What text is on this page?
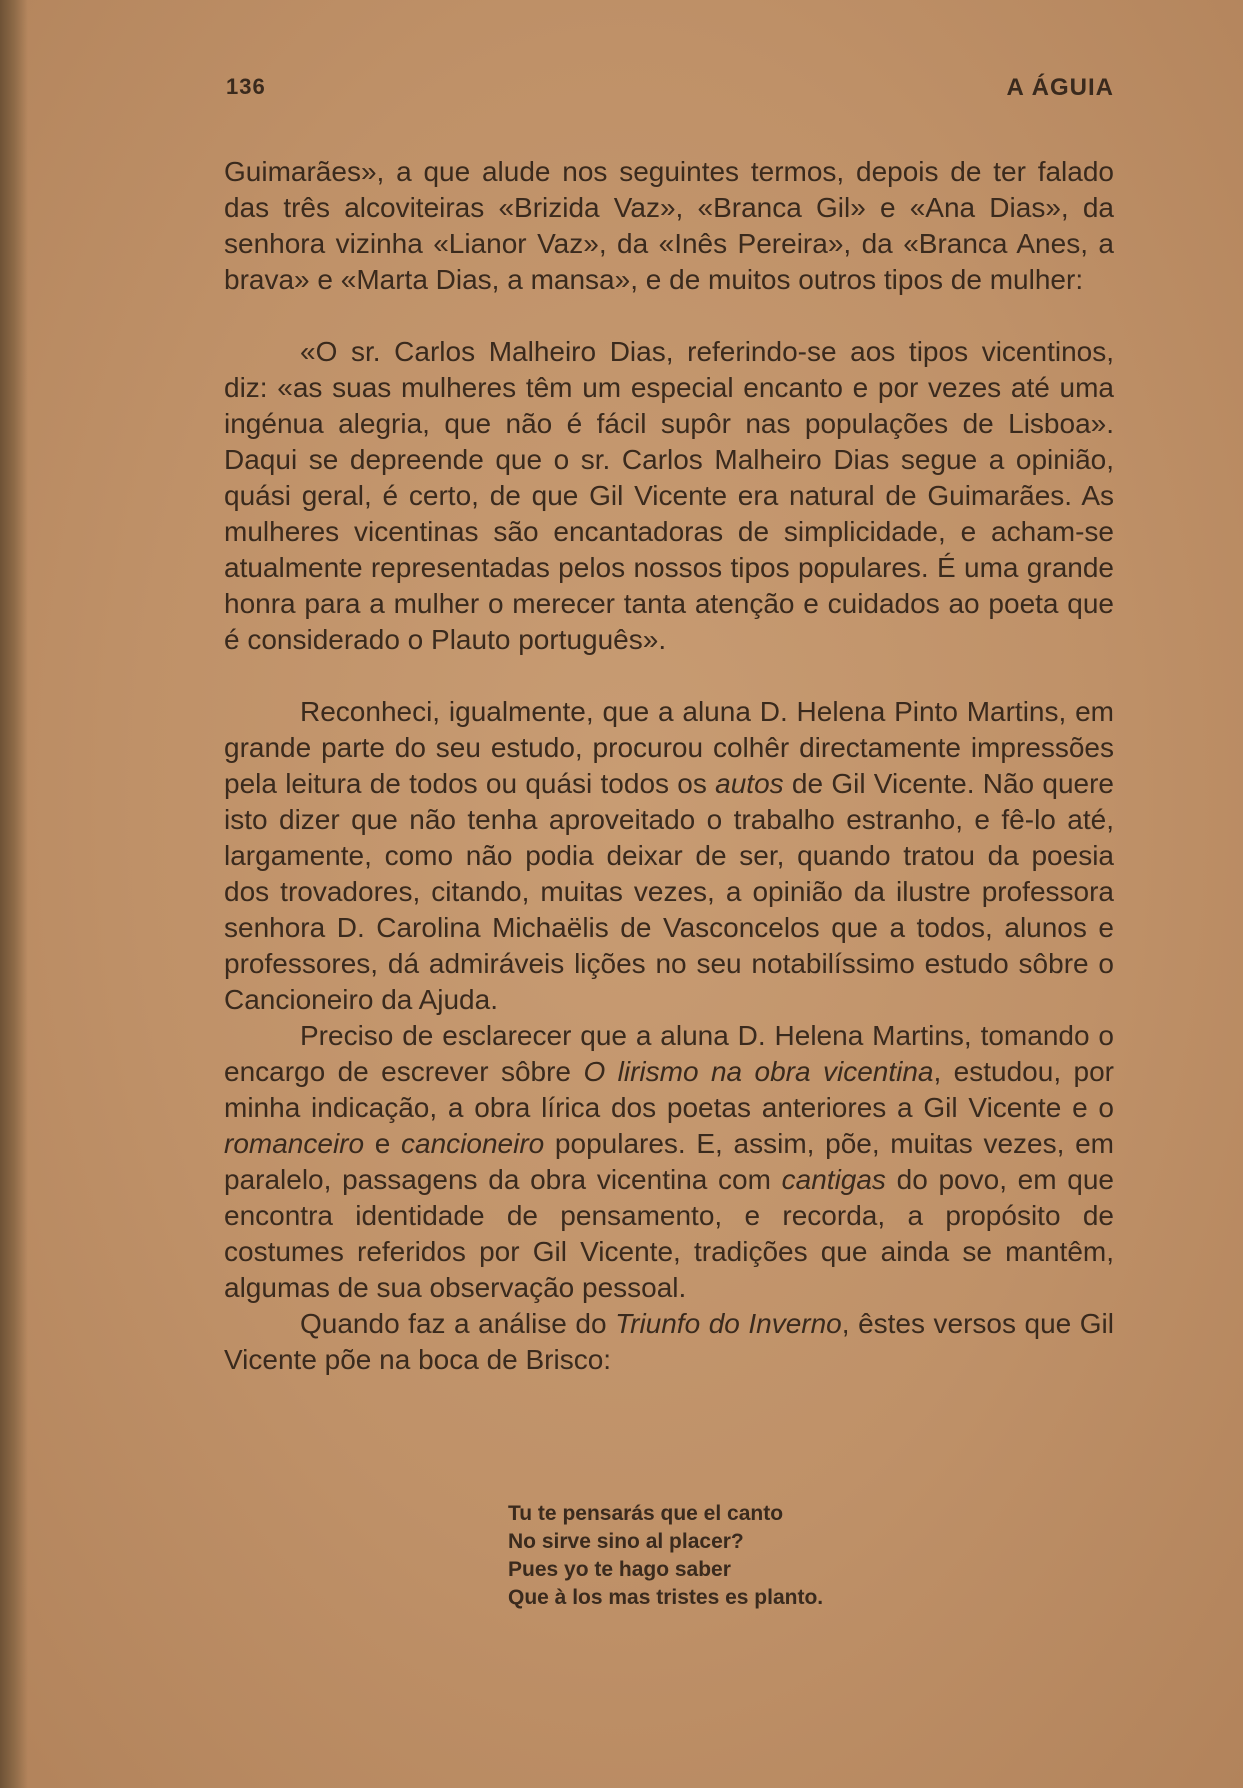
136	A ÁGUIA

Guimarães», a que alude nos seguintes termos, depois de ter falado das três alcoviteiras «Brizida Vaz», «Branca Gil» e «Ana Dias», da senhora vizinha «Lianor Vaz», da «Inês Pereira», da «Branca Anes, a brava» e «Marta Dias, a mansa», e de muitos outros tipos de mulher:

«O sr. Carlos Malheiro Dias, referindo-se aos tipos vicentinos, diz: «as suas mulheres têm um especial encanto e por vezes até uma ingénua alegria, que não é fácil supôr nas populações de Lisboa». Daqui se depreende que o sr. Carlos Malheiro Dias segue a opinião, quási geral, é certo, de que Gil Vicente era natural de Guimarães. As mulheres vicentinas são encantadoras de simplicidade, e acham-se atualmente representadas pelos nossos tipos populares. É uma grande honra para a mulher o merecer tanta atenção e cuidados ao poeta que é considerado o Plauto português».

Reconheci, igualmente, que a aluna D. Helena Pinto Martins, em grande parte do seu estudo, procurou colhêr directamente impressões pela leitura de todos ou quási todos os autos de Gil Vicente. Não quere isto dizer que não tenha aproveitado o trabalho estranho, e fê-lo até, largamente, como não podia deixar de ser, quando tratou da poesia dos trovadores, citando, muitas vezes, a opinião da ilustre professora senhora D. Carolina Michaëlis de Vasconcelos que a todos, alunos e professores, dá admiráveis lições no seu notabilíssimo estudo sôbre o Cancioneiro da Ajuda.

Preciso de esclarecer que a aluna D. Helena Martins, tomando o encargo de escrever sôbre O lirismo na obra vicentina, estudou, por minha indicação, a obra lírica dos poetas anteriores a Gil Vicente e o romanceiro e cancioneiro populares. E, assim, põe, muitas vezes, em paralelo, passagens da obra vicentina com cantigas do povo, em que encontra identidade de pensamento, e recorda, a propósito de costumes referidos por Gil Vicente, tradições que ainda se mantêm, algumas de sua observação pessoal.

Quando faz a análise do Triunfo do Inverno, êstes versos que Gil Vicente põe na boca de Brisco:

Tu te pensarás que el canto
No sirve sino al placer?
Pues yo te hago saber
Que à los mas tristes es planto.
